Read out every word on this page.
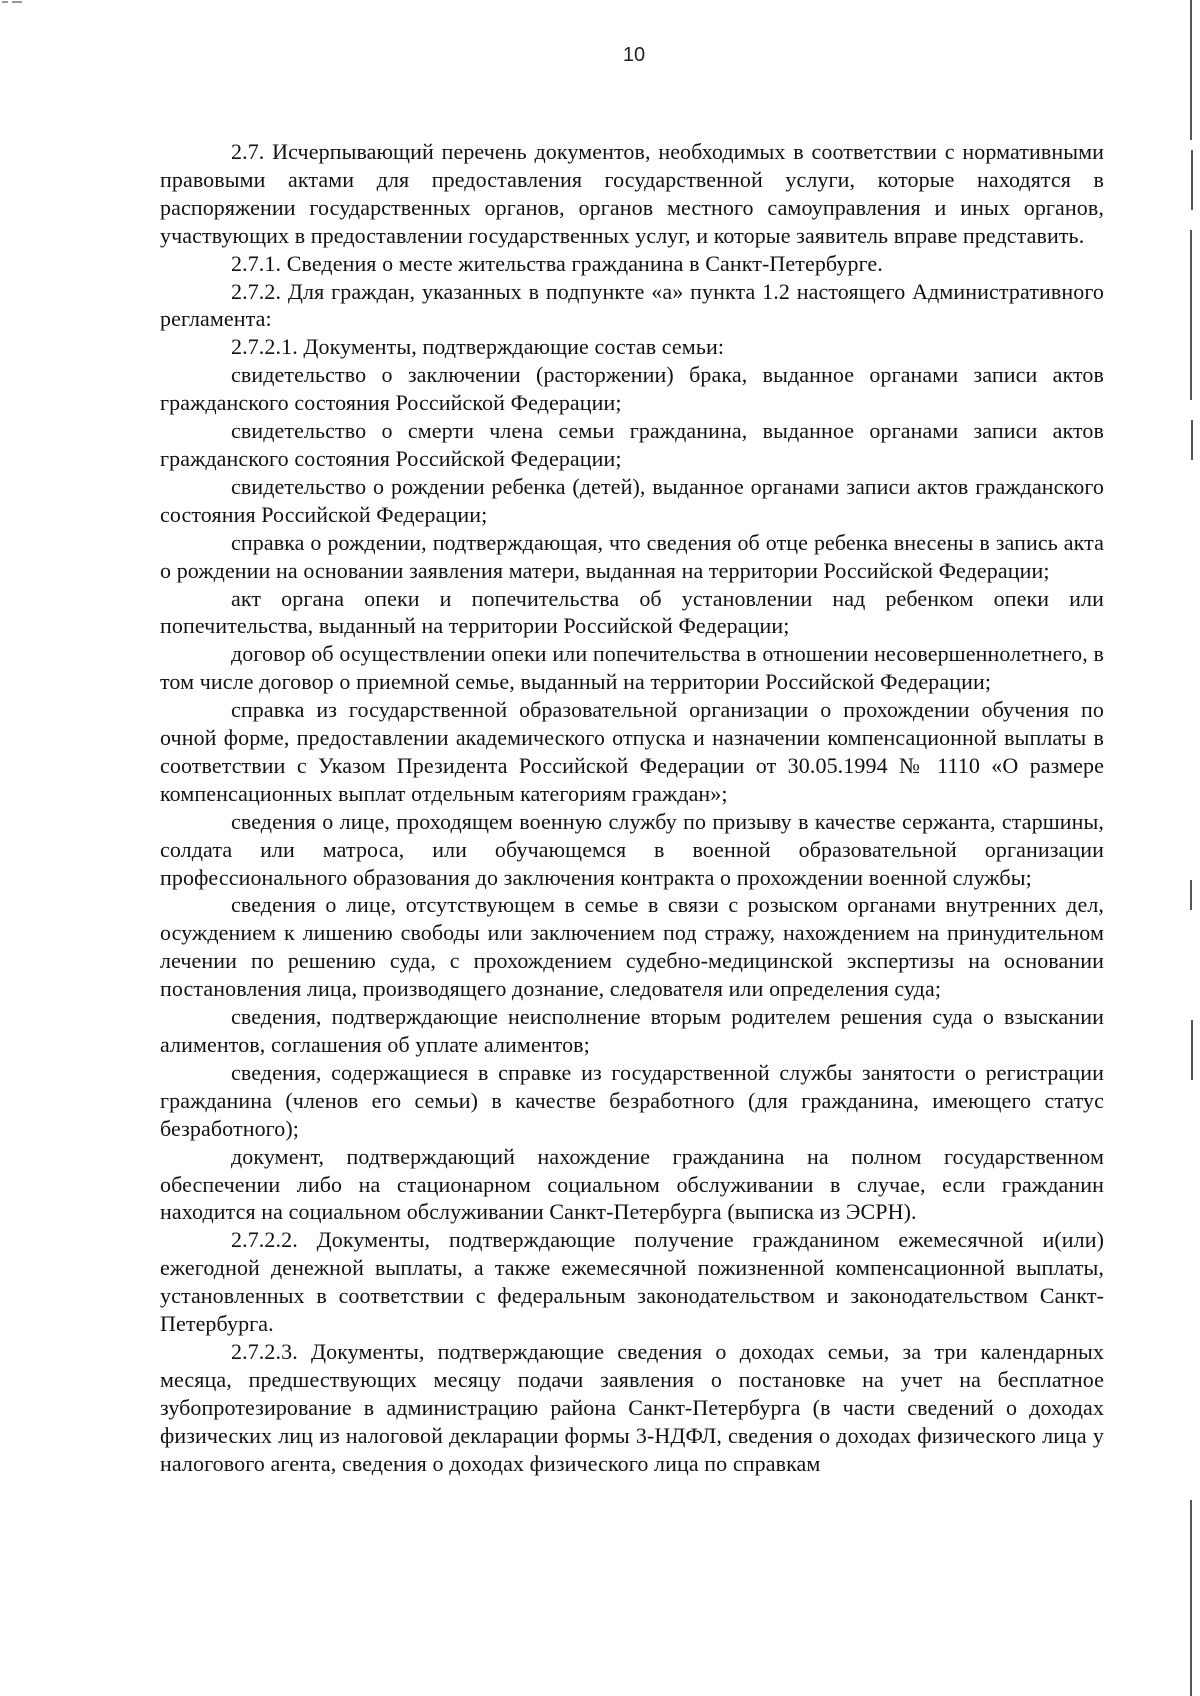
10

2.7. Исчерпывающий перечень документов, необходимых в соответствии с нормативными правовыми актами для предоставления государственной услуги, которые находятся в распоряжении государственных органов, органов местного самоуправления и иных органов, участвующих в предоставлении государственных услуг, и которые заявитель вправе представить.

2.7.1. Сведения о месте жительства гражданина в Санкт-Петербурге.

2.7.2. Для граждан, указанных в подпункте «а» пункта 1.2 настоящего Административного регламента:

2.7.2.1. Документы, подтверждающие состав семьи:

свидетельство о заключении (расторжении) брака, выданное органами записи актов гражданского состояния Российской Федерации;

свидетельство о смерти члена семьи гражданина, выданное органами записи актов гражданского состояния Российской Федерации;

свидетельство о рождении ребенка (детей), выданное органами записи актов гражданского состояния Российской Федерации;

справка о рождении, подтверждающая, что сведения об отце ребенка внесены в запись акта о рождении на основании заявления матери, выданная на территории Российской Федерации;

акт органа опеки и попечительства об установлении над ребенком опеки или попечительства, выданный на территории Российской Федерации;

договор об осуществлении опеки или попечительства в отношении несовершеннолетнего, в том числе договор о приемной семье, выданный на территории Российской Федерации;

справка из государственной образовательной организации о прохождении обучения по очной форме, предоставлении академического отпуска и назначении компенсационной выплаты в соответствии с Указом Президента Российской Федерации от 30.05.1994 № 1110 «О размере компенсационных выплат отдельным категориям граждан»;

сведения о лице, проходящем военную службу по призыву в качестве сержанта, старшины, солдата или матроса, или обучающемся в военной образовательной организации профессионального образования до заключения контракта о прохождении военной службы;

сведения о лице, отсутствующем в семье в связи с розыском органами внутренних дел, осуждением к лишению свободы или заключением под стражу, нахождением на принудительном лечении по решению суда, с прохождением судебно-медицинской экспертизы на основании постановления лица, производящего дознание, следователя или определения суда;

сведения, подтверждающие неисполнение вторым родителем решения суда о взыскании алиментов, соглашения об уплате алиментов;

сведения, содержащиеся в справке из государственной службы занятости о регистрации гражданина (членов его семьи) в качестве безработного (для гражданина, имеющего статус безработного);

документ, подтверждающий нахождение гражданина на полном государственном обеспечении либо на стационарном социальном обслуживании в случае, если гражданин находится на социальном обслуживании Санкт-Петербурга (выписка из ЭСРН).

2.7.2.2. Документы, подтверждающие получение гражданином ежемесячной и(или) ежегодной денежной выплаты, а также ежемесячной пожизненной компенсационной выплаты, установленных в соответствии с федеральным законодательством и законодательством Санкт-Петербурга.

2.7.2.3. Документы, подтверждающие сведения о доходах семьи, за три календарных месяца, предшествующих месяцу подачи заявления о постановке на учет на бесплатное зубопротезирование в администрацию района Санкт-Петербурга (в части сведений о доходах физических лиц из налоговой декларации формы 3-НДФЛ, сведения о доходах физического лица у налогового агента, сведения о доходах физического лица по справкам
